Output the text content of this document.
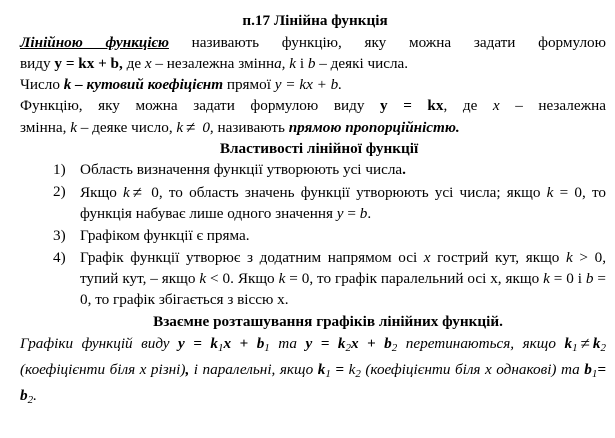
п.17 Лінійна функція

Лінійною функцією називають функцію, яку можна задати формулою
виду y = kx + b, де x – незалежна змінна, k і b – деякі числа.

Число k – кутовий коефіцієнт прямої y = kx + b.

Функцію, яку можна задати формулою виду y = kx, де x – незалежна
змінна, k – деяке число, k ≠ 0, називають прямою пропорційністю.

Властивості лінійної функції
1) Область визначення функції утворюють усі числа.
2) Якщо k ≠ 0, то область значень функції утворюють усі числа; якщо k = 0, то функція набуває лише одного значення y = b.
3) Графіком функції є пряма.
4) Графік функції утворює з додатним напрямом осі x гострий кут, якщо k > 0, тупий кут, – якщо k < 0. Якщо k = 0, то графік паралельний осі x, якщо k = 0 і b = 0, то графік збігається з віссю х.
Взаємне розташування графіків лінійних функцій.

Графіки функцій виду $y = k_1x + b_1$ та $y = k_2x + b_2$ перетинаються, якщо $k_1 \ne k_2$ (коефіцієнти біля х різні), і паралельні, якщо $k_1 = k_2$ (коефіцієнти біля х однакові) та $b_1= b_2$.
